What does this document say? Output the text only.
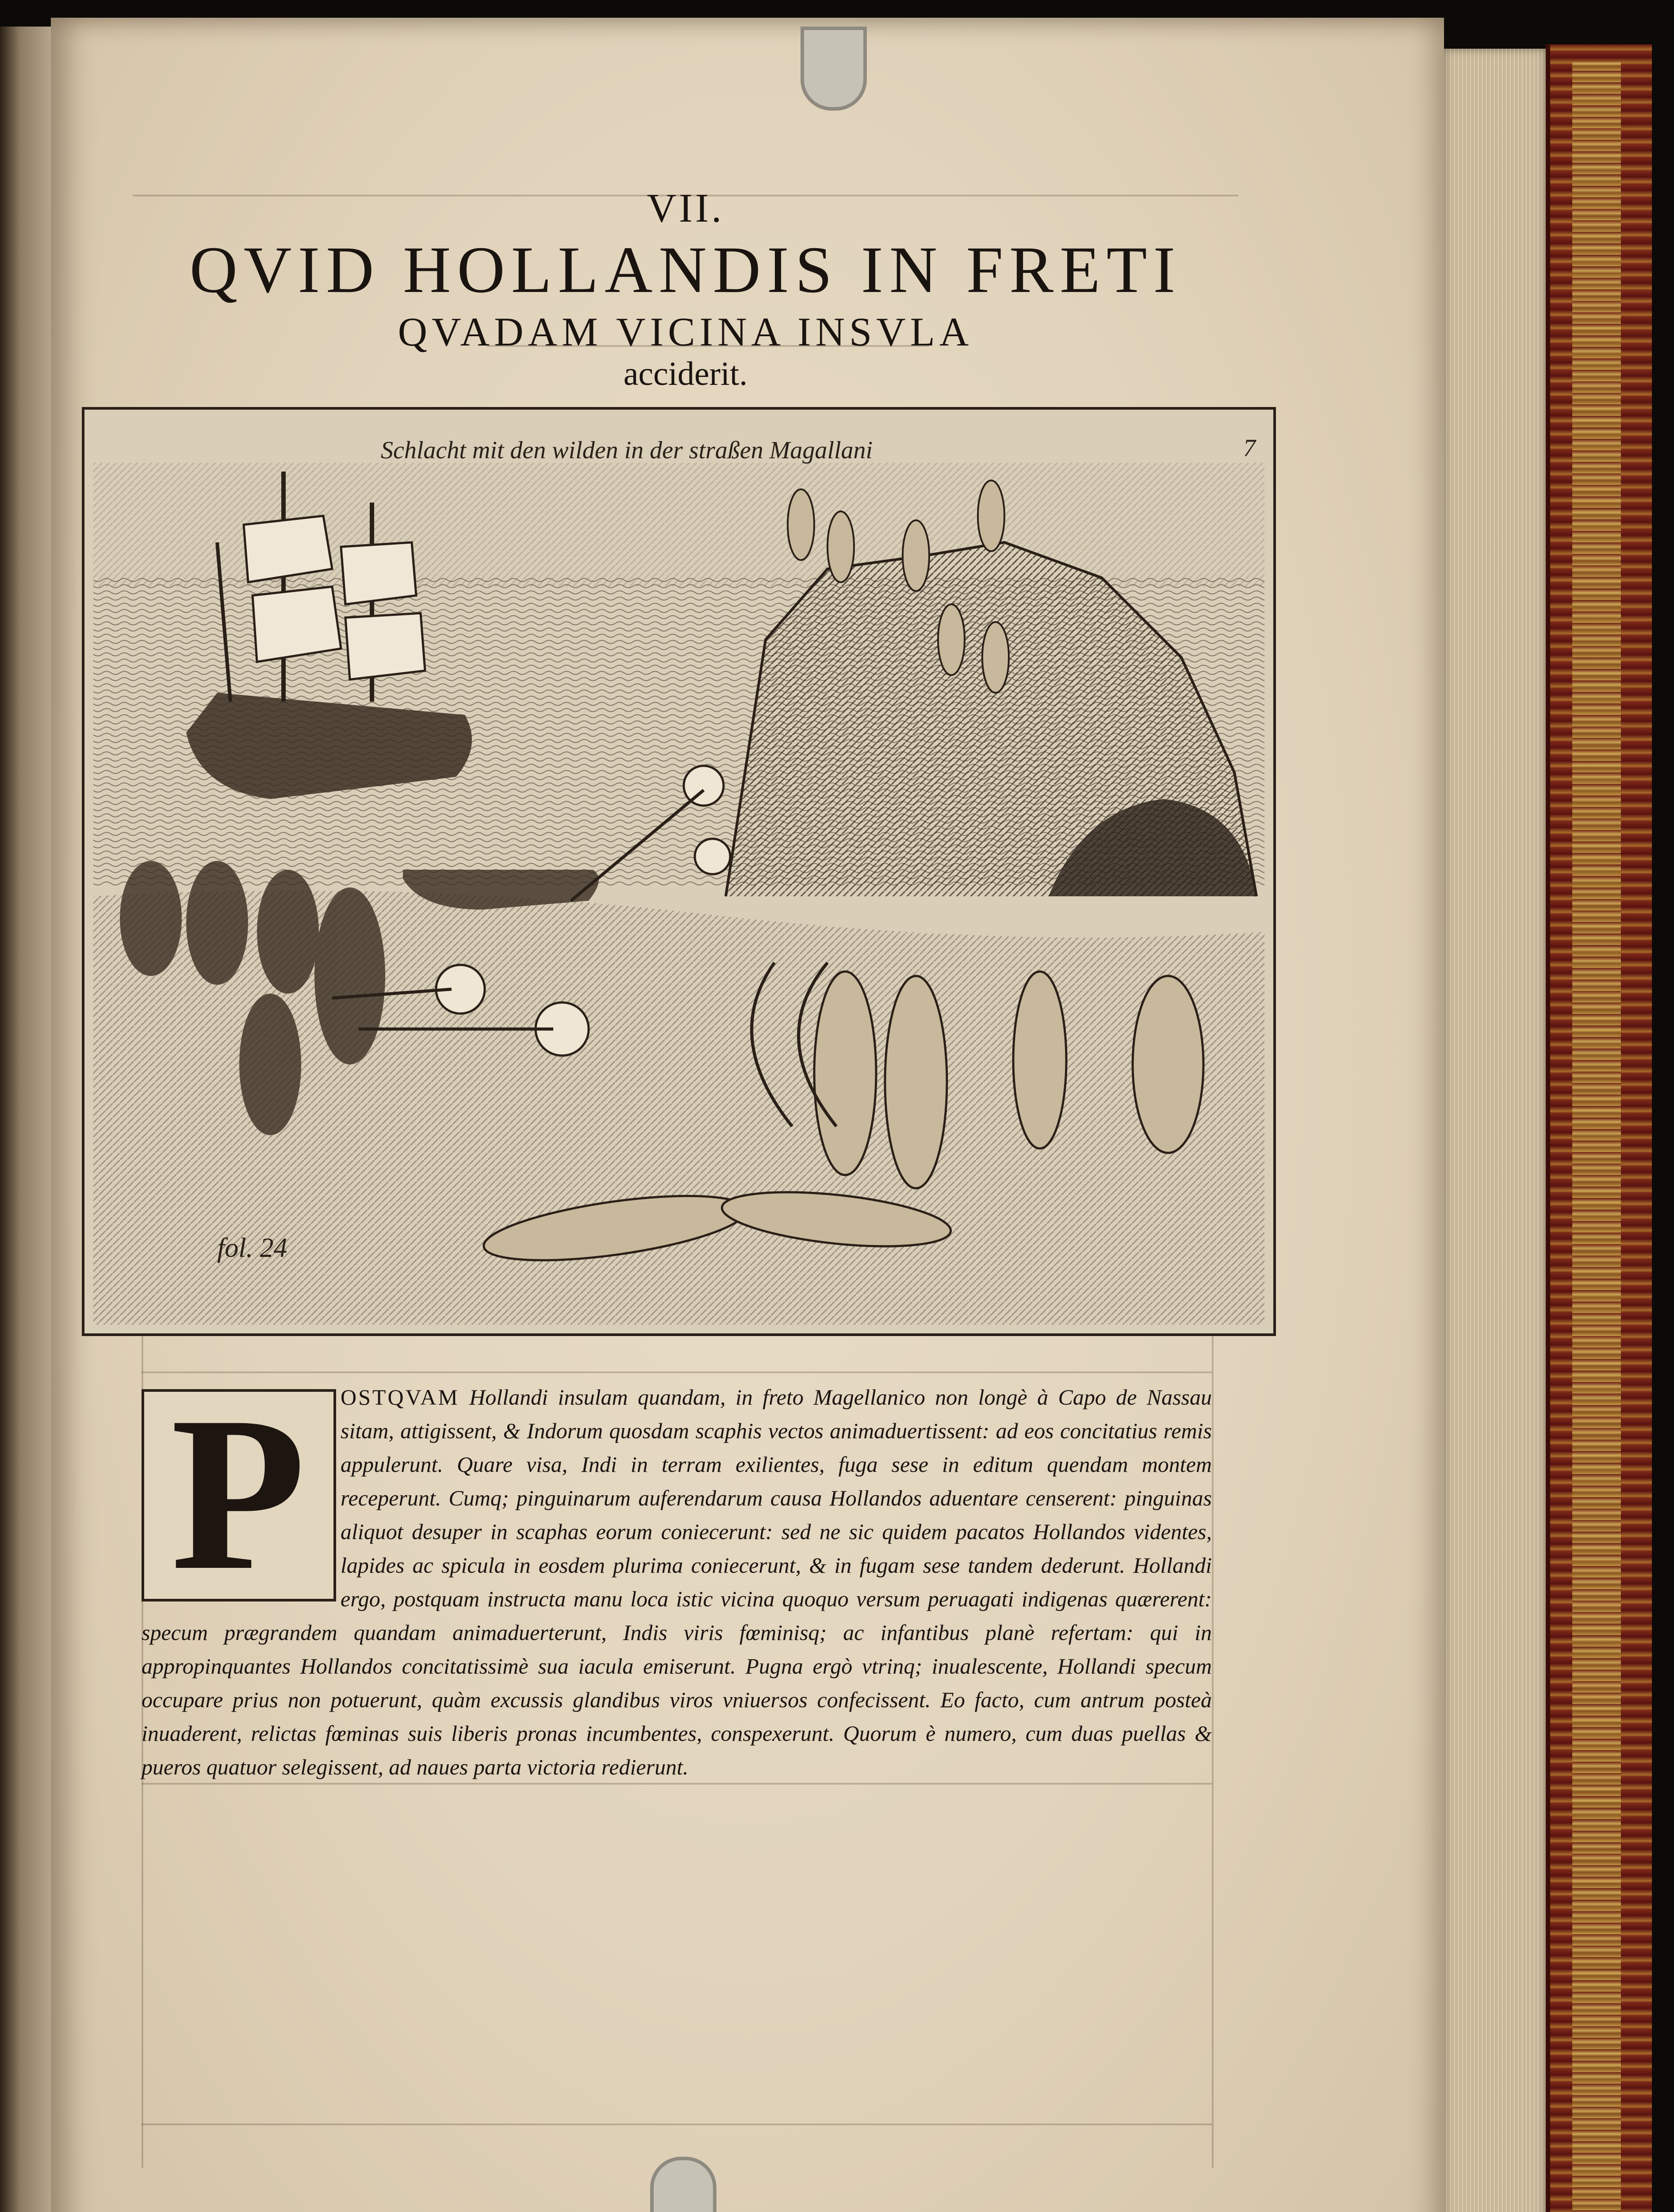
VII.
QVID HOLLANDIS IN FRETI
QVADAM VICINA INSVLA
acciderit.
Schlacht mit den wilden in der straßen Magallani	7
fol. 24
P	OSTQVAM Hollandi insulam quandam, in freto Magellanico non longè à Capo de Nassau sitam, attigissent, & Indorum quosdam scaphis vectos animaduertissent: ad eos concitatius remis appulerunt. Quare visa, Indi in terram exilientes, fuga sese in editum quendam montem receperunt. Cumq; pinguinarum auferendarum causa Hollandos aduentare censerent: pinguinas aliquot desuper in scaphas eorum coniecerunt: sed ne sic quidem pacatos Hollandos videntes, lapides ac spicula in eosdem plurima coniecerunt, & in fugam sese tandem dederunt. Hollandi ergo, postquam instructa manu loca istic vicina quoquo versum peruagati indigenas quærerent: specum prægrandem quandam animaduerterunt, Indis viris fœminisq; ac infantibus planè refertam: qui in appropinquantes Hollandos concitatissimè sua iacula emiserunt. Pugna ergò vtrinq; inualescente, Hollandi specum occupare prius non potuerunt, quàm excussis glandibus viros vniuersos confecissent. Eo facto, cum antrum posteà inuaderent, relictas fœminas suis liberis pronas incumbentes, conspexerunt. Quorum è numero, cum duas puellas & pueros quatuor selegissent, ad naues parta victoria redierunt.
